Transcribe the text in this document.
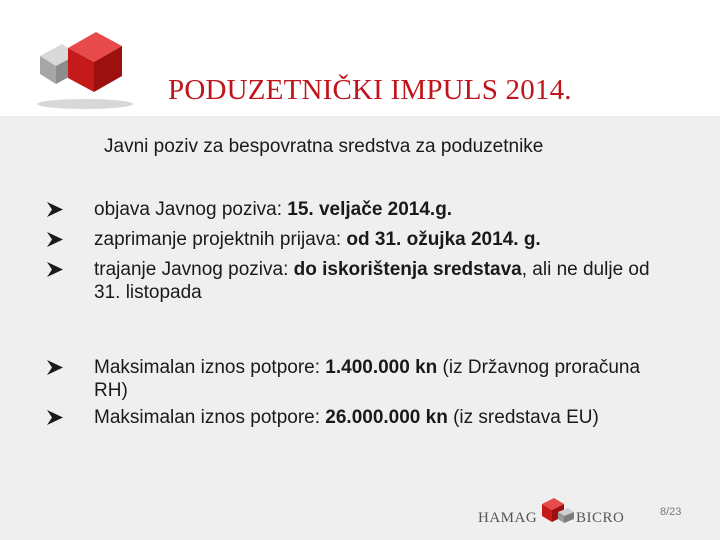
PODUZETNIČKI IMPULS 2014.
Javni poziv za bespovratna sredstva za poduzetnike
objava Javnog poziva: 15. veljače 2014.g.
zaprimanje projektnih prijava: od 31. ožujka 2014. g.
trajanje Javnog poziva: do iskorištenja sredstava, ali ne dulje od 31. listopada
Maksimalan iznos potpore: 1.400.000 kn (iz Državnog proračuna RH)
Maksimalan iznos potpore: 26.000.000 kn (iz sredstava EU)
HAMAG	BICRO	8/23
